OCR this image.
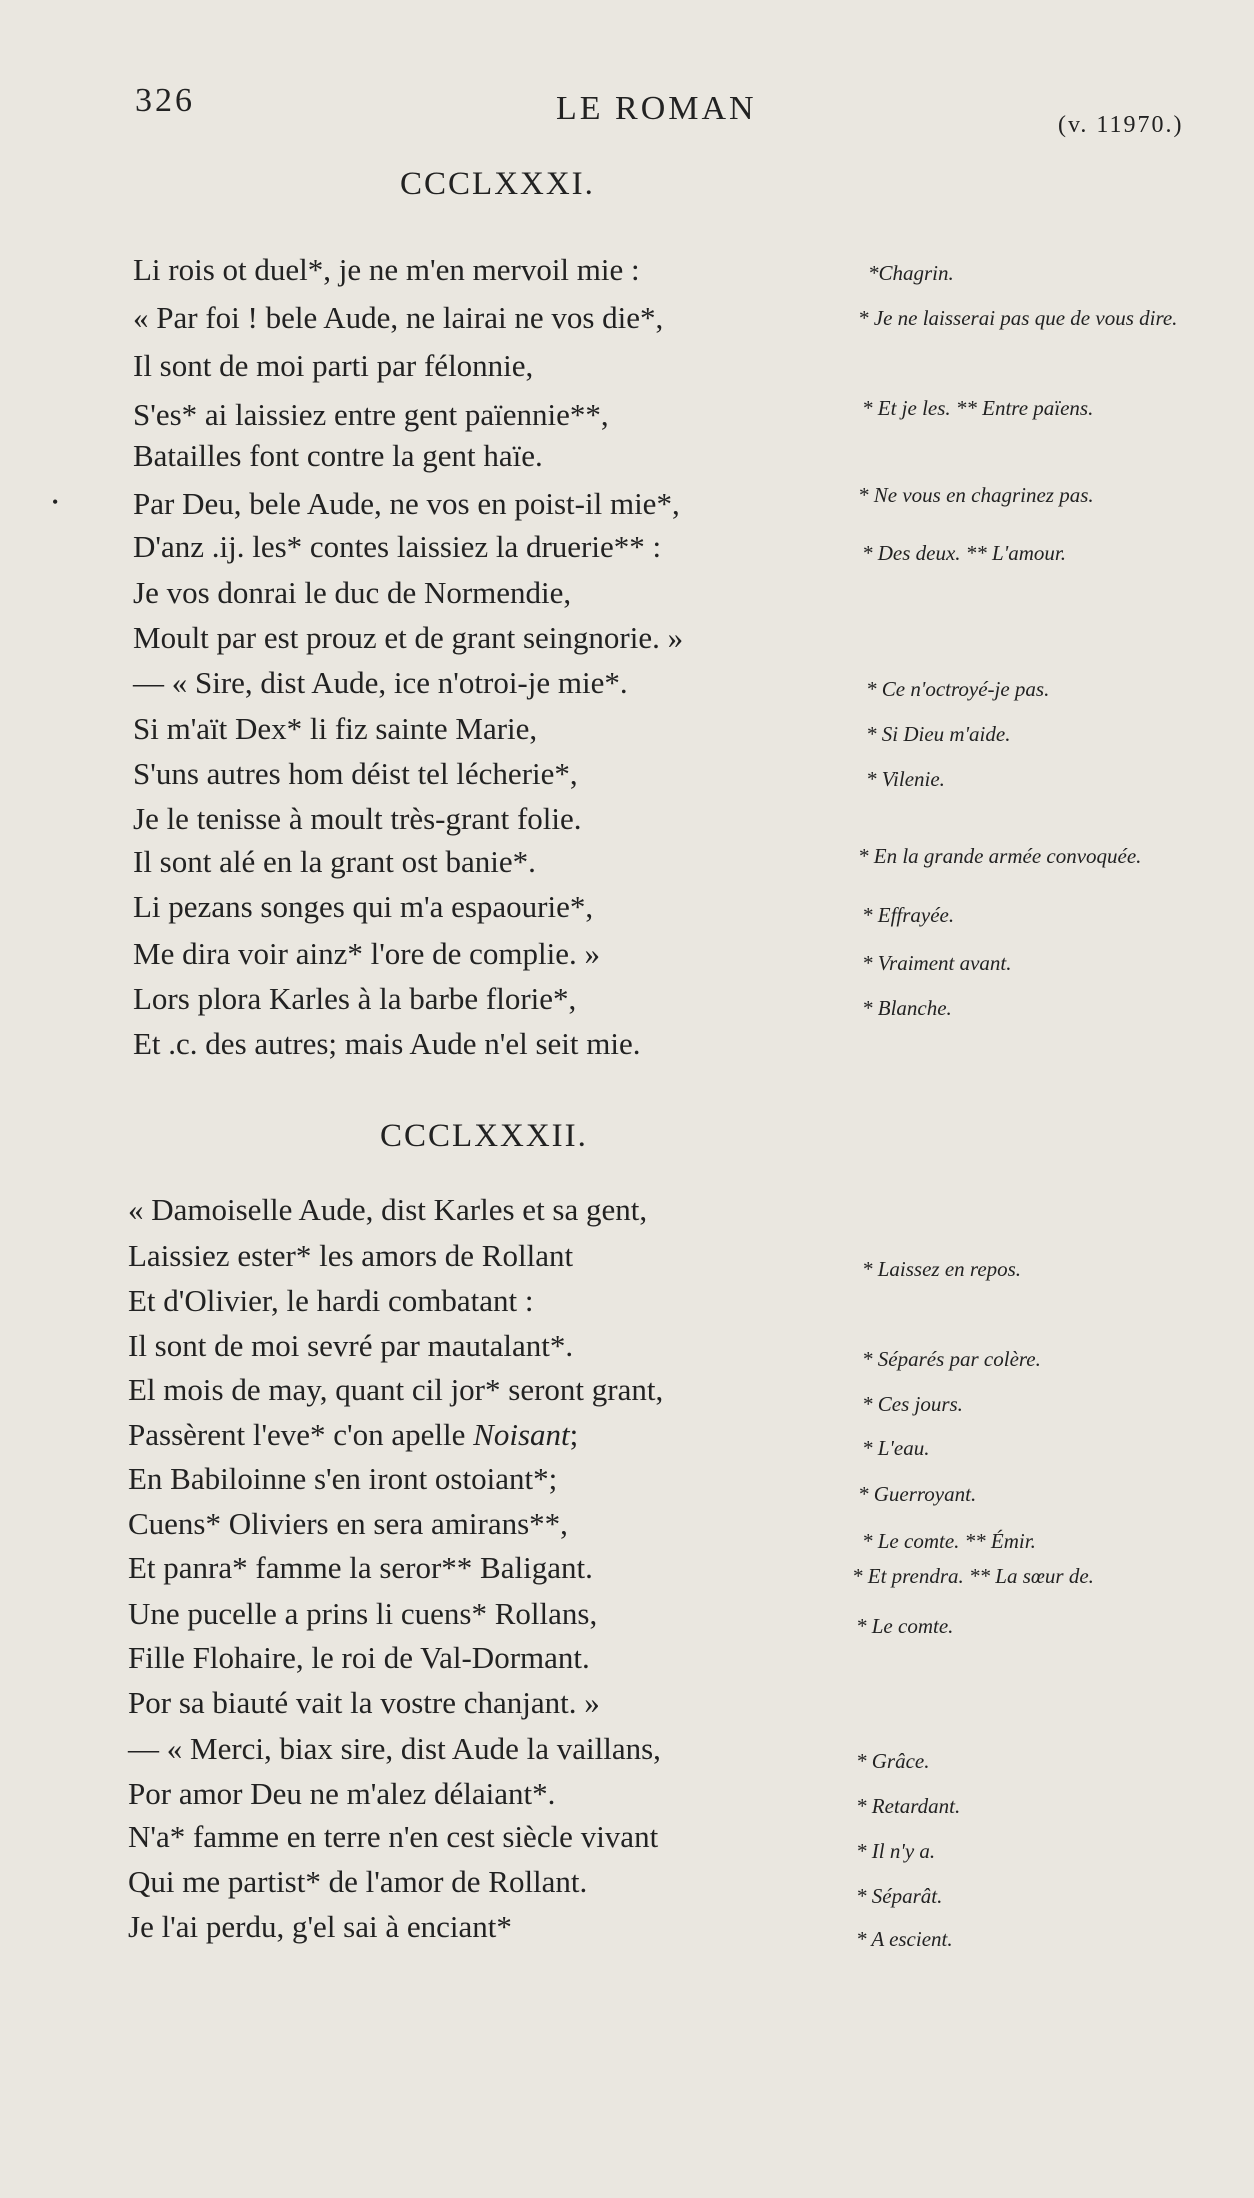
326	LE ROMAN	(v. 11970.)
CCCLXXXI.
Li rois ot duel*, je ne m'en mervoil mie :
« Par foi ! bele Aude, ne lairai ne vos die*,
Il sont de moi parti par félonnie,
S'es* ai laissiez entre gent païennie**,
Batailles font contre la gent haïe.
• Par Deu, bele Aude, ne vos en poist-il mie*,
D'anz .ij. les* contes laissiez la druerie** :
Je vos donrai le duc de Normendie,
Moult par est prouz et de grant seingnorie. »
— « Sire, dist Aude, ice n'otroi-je mie*.
Si m'aït Dex* li fiz sainte Marie,
S'uns autres hom déist tel lécherie*,
Je le tenisse à moult très-grant folie.
Il sont alé en la grant ost banie*.
Li pezans songes qui m'a espaourie*,
Me dira voir ainz* l'ore de complie. »
Lors plora Karles à la barbe florie*,
Et .c. des autres; mais Aude n'el seit mie.
*Chagrin.
* Je ne laisserai pas que de vous dire.
* Et je les. ** Entre païens.
* Ne vous en chagrinez pas.
* Des deux. ** L'amour.
* Ce n'octroyé-je pas.
* Si Dieu m'aide.
* Vilenie.
* En la grande armée convoquée.
* Effrayée.
* Vraiment avant.
* Blanche.
CCCLXXXII.
« Damoiselle Aude, dist Karles et sa gent,
Laissiez ester* les amors de Rollant
Et d'Olivier, le hardi combatant :
Il sont de moi sevré par mautalant*.
El mois de may, quant cil jor* seront grant,
Passèrent l'eve* c'on apelle Noisant;
En Babiloinne s'en iront ostoiant*;
Cuens* Oliviers en sera amirans**,
Et panra* famme la seror** Baligant.
Une pucelle a prins li cuens* Rollans,
Fille Flohaire, le roi de Val-Dormant.
Por sa biauté vait la vostre chanjant. »
— « Merci, biax sire, dist Aude la vaillans,
Por amor Deu ne m'alez délaiant*.
N'a* famme en terre n'en cest siècle vivant
Qui me partist* de l'amor de Rollant.
Je l'ai perdu, g'el sai à enciant*
* Laissez en repos.
* Séparés par colère.
* Ces jours.
* L'eau.
* Guerroyant.
* Le comte. ** Émir.
* Et prendra. ** La sœur de.
* Le comte.
* Grâce.
* Retardant.
* Il n'y a.
* Séparât.
* A escient.
